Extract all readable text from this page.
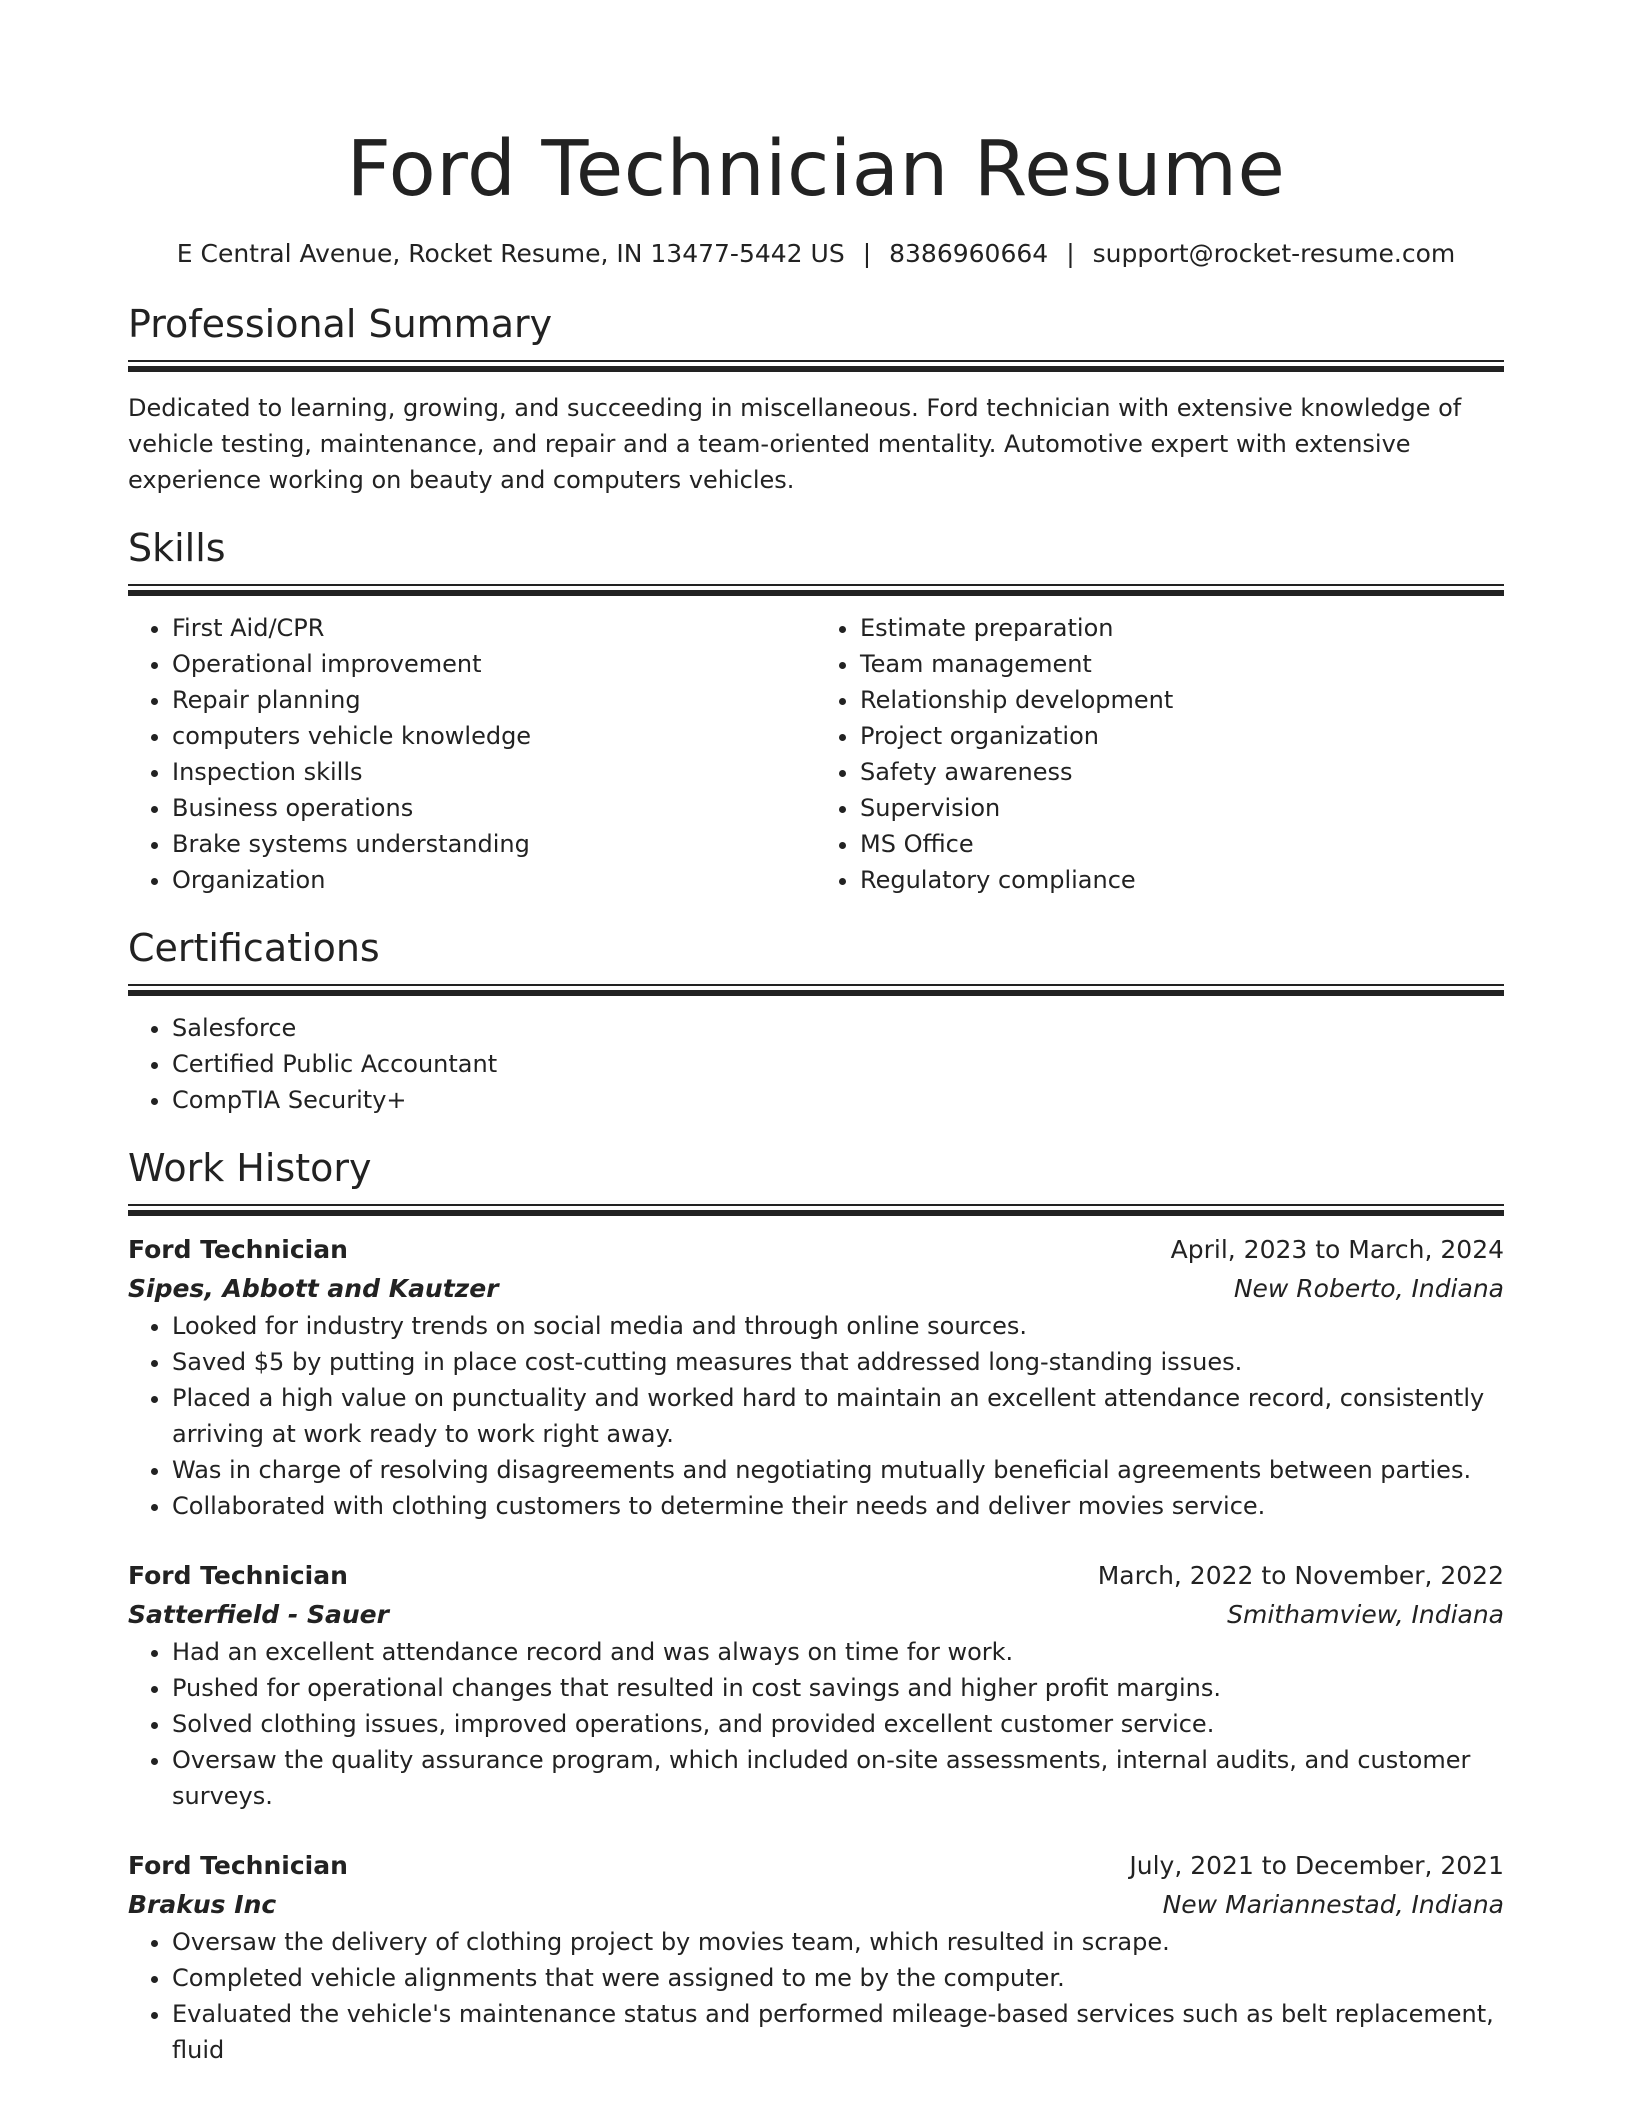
Ford Technician Resume
E Central Avenue, Rocket Resume, IN 13477-5442 US | 8386960664 | support@rocket-resume.com
Professional Summary

Dedicated to learning, growing, and succeeding in miscellaneous. Ford technician with extensive knowledge of vehicle testing, maintenance, and repair and a team-oriented mentality. Automotive expert with extensive experience working on beauty and computers vehicles.

Skills
• First Aid/CPR
• Operational improvement
• Repair planning
• computers vehicle knowledge
• Inspection skills
• Business operations
• Brake systems understanding
• Organization
• Estimate preparation
• Team management
• Relationship development
• Project organization
• Safety awareness
• Supervision
• MS Office
• Regulatory compliance
Certifications
• Salesforce
• Certified Public Accountant
• CompTIA Security+
Work History
Ford Technician	April, 2023 to March, 2024
Sipes, Abbott and Kautzer	New Roberto, Indiana
• Looked for industry trends on social media and through online sources.
• Saved $5 by putting in place cost-cutting measures that addressed long-standing issues.
• Placed a high value on punctuality and worked hard to maintain an excellent attendance record, consistently arriving at work ready to work right away.
• Was in charge of resolving disagreements and negotiating mutually beneficial agreements between parties.
• Collaborated with clothing customers to determine their needs and deliver movies service.
Ford Technician	March, 2022 to November, 2022
Satterfield - Sauer	Smithamview, Indiana
• Had an excellent attendance record and was always on time for work.
• Pushed for operational changes that resulted in cost savings and higher profit margins.
• Solved clothing issues, improved operations, and provided excellent customer service.
• Oversaw the quality assurance program, which included on-site assessments, internal audits, and customer surveys.
Ford Technician	July, 2021 to December, 2021
Brakus Inc	New Mariannestad, Indiana
• Oversaw the delivery of clothing project by movies team, which resulted in scrape.
• Completed vehicle alignments that were assigned to me by the computer.
• Evaluated the vehicle's maintenance status and performed mileage-based services such as belt replacement, fluid
